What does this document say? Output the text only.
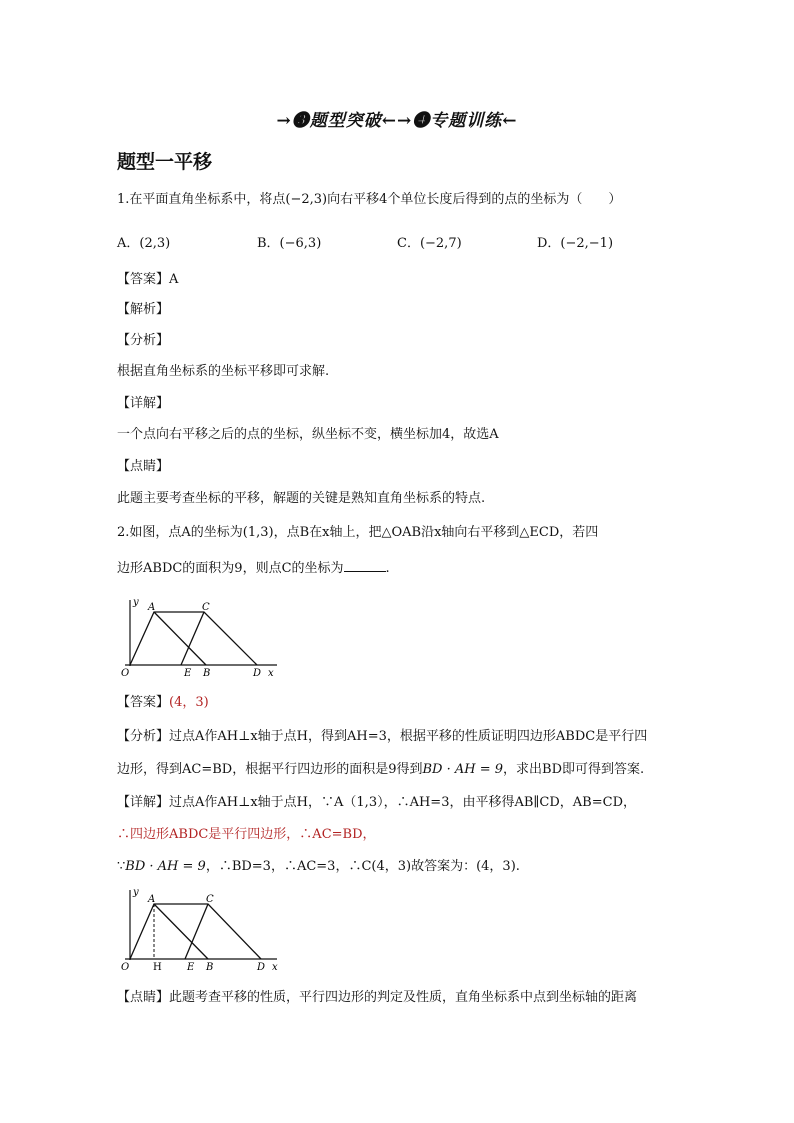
→❸题型突破←→❹专题训练←
题型一平移
1.在平面直角坐标系中，将点(−2,3)向右平移4个单位长度后得到的点的坐标为（　　）
A．(2,3)	B．(−6,3)	C．(−2,7)	D．(−2,−1)
【答案】A
【解析】
【分析】
根据直角坐标系的坐标平移即可求解.
【详解】
一个点向右平移之后的点的坐标，纵坐标不变，横坐标加4，故选A
【点睛】
此题主要考查坐标的平移，解题的关键是熟知直角坐标系的特点.
2.如图，点A的坐标为(1,3)，点B在x轴上，把△OAB沿x轴向右平移到△ECD，若四
边形ABDC的面积为9，则点C的坐标为	.
y
x
O
A	C
E B	D
【答案】(4，3)
【分析】过点A作AH⊥x轴于点H，得到AH=3，根据平移的性质证明四边形ABDC是平行四
边形，得到AC=BD，根据平行四边形的面积是9得到BD · AH = 9，求出BD即可得到答案.
【详解】过点A作AH⊥x轴于点H，∵A（1,3），∴AH=3，由平移得AB∥CD，AB=CD，
∴四边形ABDC是平行四边形，∴AC=BD，
∵BD · AH = 9，∴BD=3，∴AC=3，∴C(4，3)故答案为：(4，3).
y
x
O
A	C
H	E B	D
【点睛】此题考查平移的性质，平行四边形的判定及性质，直角坐标系中点到坐标轴的距离
